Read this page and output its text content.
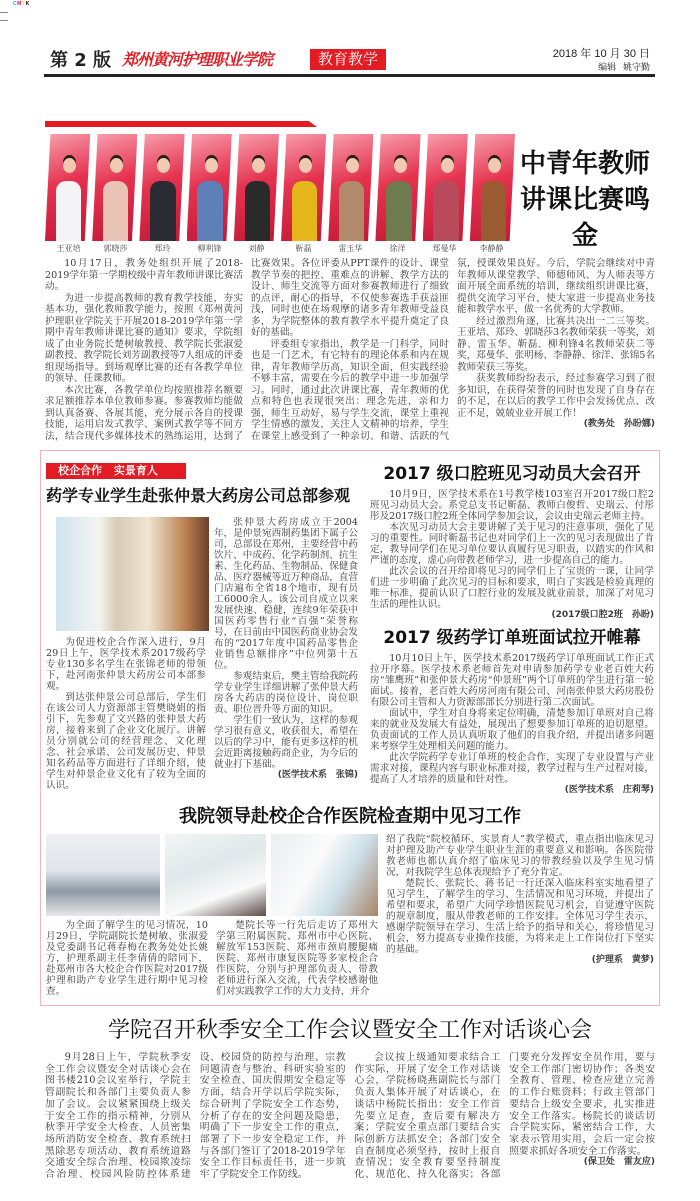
CMYK
第 2 版 郑州黄河护理职业学院	教育教学	2018 年 10 月 30 日
编辑 姚守勤
王亚培	郭晓莎	郑玲	柳利锋	刘静	靳磊	雷玉华	徐洋	郑曼华	李静静
中青年教师
讲课比赛鸣金

10月17日，教务处组织开展了2018-2019学年第一学期校级中青年教师讲课比赛活动。

为进一步提高教师的教育教学技能，夯实基本功，强化教师教学能力，按照《郑州黄河护理职业学院关于开展2018-2019学年第一学期中青年教师讲课比赛的通知》要求，学院组成了由业务院长楚树敏教授、教学院长张淑爱副教授、教学院长刘芳副教授等7人组成的评委组现场指导。到场观摩比赛的还有各教学单位的领导、任课教师。

本次比赛，各教学单位均按照推荐名额要求足额推荐本单位教师参赛。参赛教师均能做到认真备赛、各展其能，充分展示各自的授课技能，运用启发式教学、案例式教学等不同方法，结合现代多媒体技术的熟练运用，达到了比赛效果。各位评委从PPT课件的设计、课堂教学节奏的把控、重难点的讲解、教学方法的设计、师生交流等方面对参赛教师进行了细致的点评，耐心的指导，不仅使参赛选手获益匪浅，同时也使在场观摩的诸多青年教师受益良多，为学院整体的教育教学水平提升奠定了良好的基础。

评委组专家指出，教学是一门科学，同时也是一门艺术，有它特有的理论体系和内在规律，青年教师学历高，知识全面，但实践经验不够丰富，需要在今后的教学中进一步加强学习。同时，通过此次讲课比赛，青年教师的优点和特色也表现很突出：理念先进，亲和力强，师生互动好，易与学生交流，课堂上重视学生情感的激发，关注人文精神的培养，学生在课堂上感受到了一种亲切、和谐、活跃的气氛，授课效果良好。今后，学院会继续对中青年教师从课堂教学、师德师风、为人师表等方面开展全面系统的培训，继续组织讲课比赛，提供交流学习平台，使大家进一步提高业务技能和教学水平，做一名优秀的大学教师。

经过激烈角逐，比赛共决出一二三等奖。王亚培、郑玲、郭晓莎3名教师荣获一等奖，刘静、雷玉华、靳磊、柳利锋4名教师荣获二等奖，郑曼华、张明杨、李静静、徐洋、张锦5名教师荣获三等奖。

获奖教师纷纷表示，经过参赛学习到了很多知识，在获得荣誉的同时也发现了自身存在的不足，在以后的教学工作中会发扬优点、改正不足，兢兢业业开展工作！

(教务处　孙盼娜)

校企合作 实景育人
药学专业学生赴张仲景大药房公司总部参观

为促进校企合作深入进行，9月29日上午，医学技术系2017级药学专业130多名学生在张锦老师的带领下，赴河南张仲景大药房公司本部参观。

到达张仲景公司总部后，学生们在该公司人力资源部主管樊晓娟的指引下，先参观了文兴路的张仲景大药房，接着来到了企业文化展厅。讲解员分别就公司的经营理念、文化理念、社会承诺、公司发展历史、仲景知名药品等方面进行了详细介绍，使学生对仲景企业文化有了较为全面的认识。

张仲景大药房成立于2004年，是仲景宛西制药集团下属子公司，总部设在郑州，主要经营中药饮片、中成药、化学药制剂、抗生素、生化药品、生物制品、保健食品、医疗器械等近万种商品，直营门店遍布全省18个地市，现有员工6000余人。该公司自成立以来发展快速、稳健，连续9年荣获中国医药零售行业“百强”荣誉称号，在日前由中国医药商业协会发布的“2017年度中国药品零售企业销售总额排序”中位列第十五位。

参观结束后，樊主管给我院药学专业学生详细讲解了张仲景大药房各大药店的岗位设计、岗位职责、职位晋升等方面的知识。

学生们一致认为，这样的参观学习很有意义，收获很大，希望在以后的学习中，能有更多这样的机会近距离接触药商企业，为今后的就业打下基础。

(医学技术系　张锦)

2017 级口腔班见习动员大会召开

10月9日，医学技术系在1号教学楼103室召开2017级口腔2班见习动员大会。系党总支书记靳磊、教师白俊哲、史瑞云、付彤彤及2017级口腔2班全体同学参加会议，会议由史瑞云老师主持。

本次见习动员大会主要讲解了关于见习的注意事项，强化了见习的重要性。同时靳磊书记也对同学们上一次的见习表现做出了肯定，教导同学们在见习单位要认真履行见习职责，以踏实的作风和严谨的态度，虚心向带教老师学习，进一步提高自己的能力。

此次会议的召开给即将见习的同学们上了宝贵的一课，让同学们进一步明确了此次见习的目标和要求，明白了实践是检验真理的唯一标准，提前认识了口腔行业的发展及就业前景，加深了对见习生活的理性认识。

(2017级口腔2班　孙盼)

2017 级药学订单班面试拉开帷幕

10月10日上午，医学技术系2017级药学订单班面试工作正式拉开序幕。医学技术系老师首先对申请参加药学专业老百姓大药房“雏鹰班”和张仲景大药房“仲景班”两个订单班的学生进行第一轮面试。接着，老百姓大药房河南有限公司、河南张仲景大药房股份有限公司主管和人力资源部部长分别进行第二次面试。

面试中，学生对自身将来定位明确，清楚参加订单班对自己将来的就业及发展大有益处，展现出了想要参加订单班的迫切愿望。负责面试的工作人员认真听取了他们的自我介绍，并提出诸多问题来考察学生处理相关问题的能力。

此次学院药学专业订单班的校企合作，实现了专业设置与产业需求对接，课程内容与职业标准对接，教学过程与生产过程对接，提高了人才培养的质量和针对性。

(医学技术系　庄莉琴)

我院领导赴校企合作医院检查期中见习工作

为全面了解学生的见习情况，10月29日，学院副院长楚树敏、张淑爱及党委副书记蒋春梅在教务处处长姚方，护理系副主任李倩倩的陪同下，赴郑州市各大校企合作医院对2017级护理和助产专业学生进行期中见习检查。

楚院长等一行先后走访了郑州大学第三附属医院、郑州市中心医院、解放军153医院、郑州市颈肩腰腿痛医院、郑州市康复医院等多家校企合作医院，分别与护理部负责人、带教老师进行深入交流，代表学校感谢他们对实践教学工作的大力支持，并介

绍了我院“院校循环、实景育人”教学模式，重点指出临床见习对护理及助产专业学生职业生涯的重要意义和影响。各医院带教老师也都认真介绍了临床见习的带教经验以及学生见习情况，对我院学生总体表现给予了充分肯定。

楚院长、张院长、蒋书记一行还深入临床科室实地看望了见习学生，了解学生的学习、生活情况和见习环境，并提出了希望和要求，希望广大同学珍惜医院见习机会，自觉遵守医院的规章制度，服从带教老师的工作安排。全体见习学生表示，感谢学院领导在学习、生活上给予的指导和关心，将珍惜见习机会，努力提高专业操作技能，为将来走上工作岗位打下坚实的基础。

(护理系　黄梦)

学院召开秋季安全工作会议暨安全工作对话谈心会

9月28日上午，学院秋季安全工作会议暨安全对话谈心会在图书楼210会议室举行，学院主管副院长和各部门主要负责人参加了会议。会议紧紧围绕上级关于安全工作的指示精神，分别从秋季开学安全大检查、人员密集场所消防安全检查、教育系统扫黑除恶专项活动、教育系统道路交通安全综合治理、校园欺凌综合治理、校园风险防控体系建设、校园贷的防控与治理、宗教问题清查与整治、科研实验室的安全检查、国庆假期安全稳定等方面，结合开学以后学院实际，综合研判了学院安全工作态势，分析了存在的安全问题及隐患，明确了下一步安全工作的重点，部署了下一步安全稳定工作，并与各部门签订了2018-2019学年安全工作目标责任书，进一步筑牢了学院安全工作防线。

会议按上级通知要求结合工作实际，开展了安全工作对话谈心会，学院杨晓燕副院长与部门负责人集体开展了对话谈心，在谈话中杨院长指出：安全工作首先要立足查，查后要有解决方案；学院安全重点部门要结合实际创新方法抓安全；各部门安全自查制度必须坚持，按时上报自查情况；安全教育要坚持制度化、规范化、持久化落实；各部门要充分发挥安全员作用，要与安全工作部门密切协作；各类安全教育、管理、检查应建立完善的工作台账资料；行政主管部门要结合上级安全要求，扎实推进安全工作落实。杨院长的谈话切合学院实际，紧密结合工作，大家表示管用实用，会后一定会按照要求抓好各项安全工作落实。

(保卫处　雷友应)
